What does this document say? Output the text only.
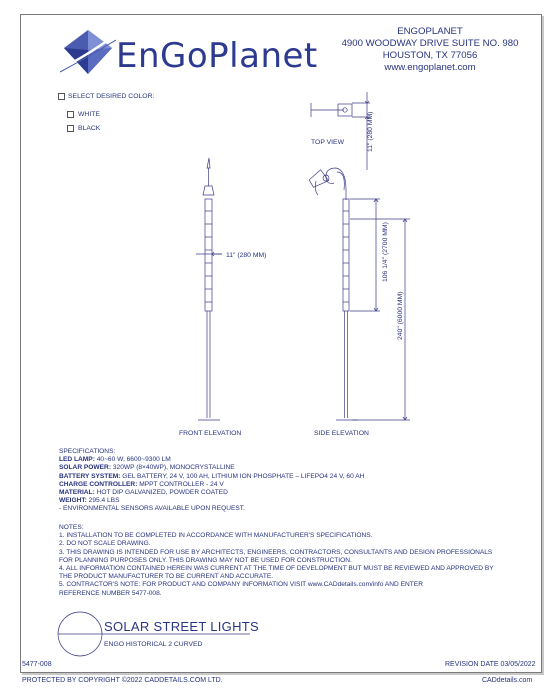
EnGoPlanet
ENGOPLANET
4900 WOODWAY DRIVE SUITE NO. 980
HOUSTON, TX 77056
www.engoplanet.com
SELECT DESIRED COLOR:
WHITE
BLACK	11" (280 MM)
11" (280 MM)	106 1/4" (2700 MM)
240" (6000 MM)
TOP VIEW
FRONT ELEVATION	SIDE ELEVATION
SPECIFICATIONS:
LED LAMP: 40~60 W, 6600~9300 LM
SOLAR POWER: 320WP (8×40WP), MONOCRYSTALLINE
BATTERY SYSTEM: GEL BATTERY, 24 V, 100 AH, LITHIUM ION PHOSPHATE – LIFEPO4 24 V, 60 AH
CHARGE CONTROLLER: MPPT CONTROLLER - 24 V
MATERIAL: HOT DIP GALVANIZED, POWDER COATED
WEIGHT: 295.4 LBS
- ENVIRONMENTAL SENSORS AVAILABLE UPON REQUEST.
NOTES:
1. INSTALLATION TO BE COMPLETED IN ACCORDANCE WITH MANUFACTURER'S SPECIFICATIONS.
2. DO NOT SCALE DRAWING.
3. THIS DRAWING IS INTENDED FOR USE BY ARCHITECTS, ENGINEERS, CONTRACTORS, CONSULTANTS AND DESIGN PROFESSIONALS
FOR PLANNING PURPOSES ONLY. THIS DRAWING MAY NOT BE USED FOR CONSTRUCTION.
4. ALL INFORMATION CONTAINED HEREIN WAS CURRENT AT THE TIME OF DEVELOPMENT BUT MUST BE REVIEWED AND APPROVED BY
THE PRODUCT MANUFACTURER TO BE CURRENT AND ACCURATE.
5. CONTRACTOR'S NOTE: FOR PRODUCT AND COMPANY INFORMATION VISIT www.CADdetails.com/info AND ENTER
REFERENCE NUMBER 5477-008.
SOLAR STREET LIGHTS
ENGO HISTORICAL 2 CURVED
5477-008	REVISION DATE 03/05/2022
PROTECTED BY COPYRIGHT ©2022 CADDETAILS.COM LTD.	CADdetails.com
